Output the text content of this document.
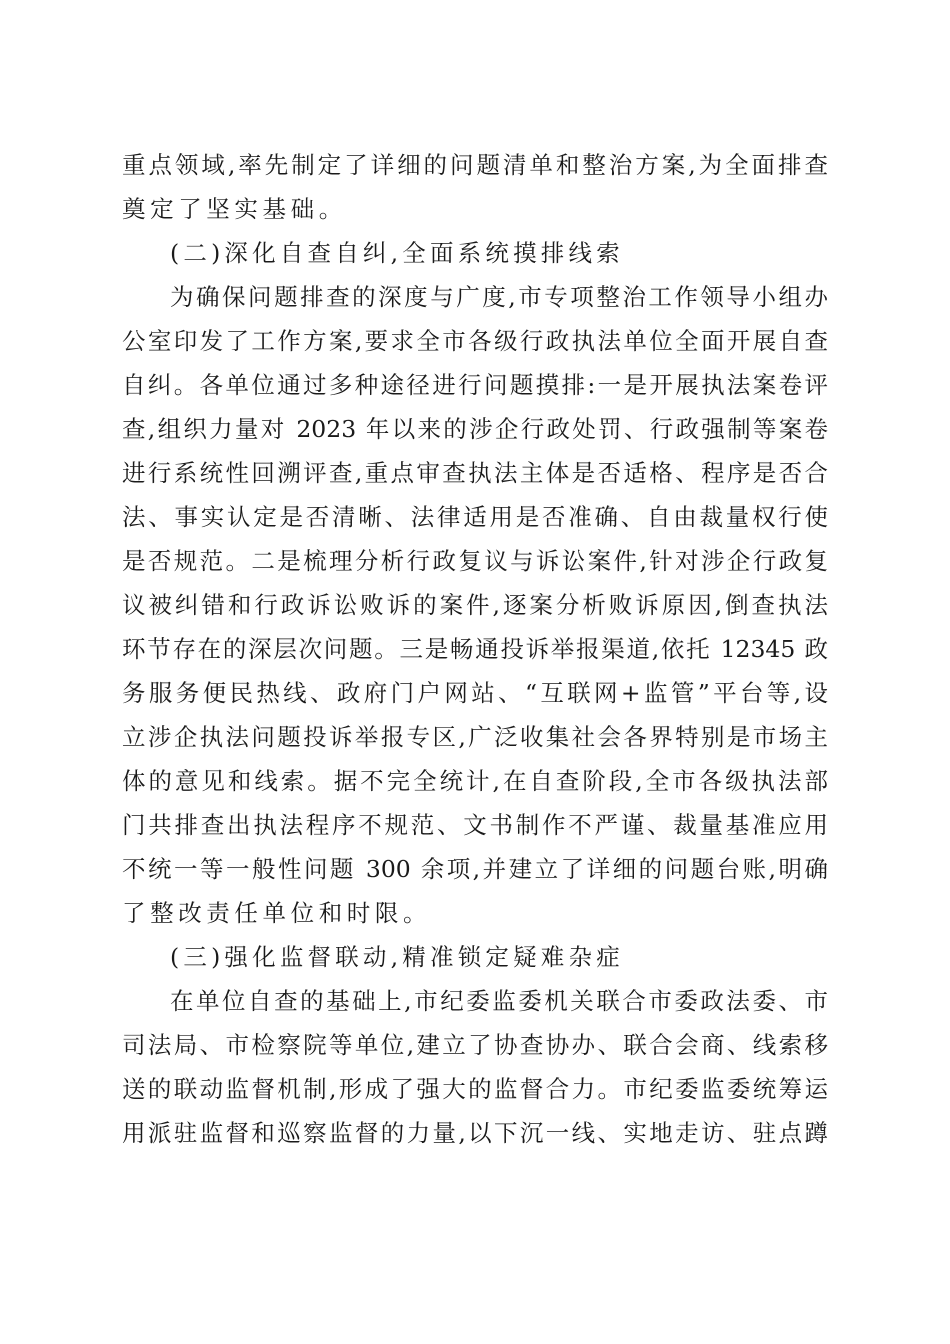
重点领域,率先制定了详细的问题清单和整治方案,为全面排查
奠定了坚实基础。
(二)深化自查自纠,全面系统摸排线索
为确保问题排查的深度与广度,市专项整治工作领导小组办
公室印发了工作方案,要求全市各级行政执法单位全面开展自查
自纠。各单位通过多种途径进行问题摸排:一是开展执法案卷评
查,组织力量对 2023 年以来的涉企行政处罚、行政强制等案卷
进行系统性回溯评查,重点审查执法主体是否适格、程序是否合
法、事实认定是否清晰、法律适用是否准确、自由裁量权行使
是否规范。二是梳理分析行政复议与诉讼案件,针对涉企行政复
议被纠错和行政诉讼败诉的案件,逐案分析败诉原因,倒查执法
环节存在的深层次问题。三是畅通投诉举报渠道,依托 12345 政
务服务便民热线、政府门户网站、“互联网+监管”平台等,设
立涉企执法问题投诉举报专区,广泛收集社会各界特别是市场主
体的意见和线索。据不完全统计,在自查阶段,全市各级执法部
门共排查出执法程序不规范、文书制作不严谨、裁量基准应用
不统一等一般性问题 300 余项,并建立了详细的问题台账,明确
了整改责任单位和时限。
(三)强化监督联动,精准锁定疑难杂症
在单位自查的基础上,市纪委监委机关联合市委政法委、市
司法局、市检察院等单位,建立了协查协办、联合会商、线索移
送的联动监督机制,形成了强大的监督合力。市纪委监委统筹运
用派驻监督和巡察监督的力量,以下沉一线、实地走访、驻点蹲
